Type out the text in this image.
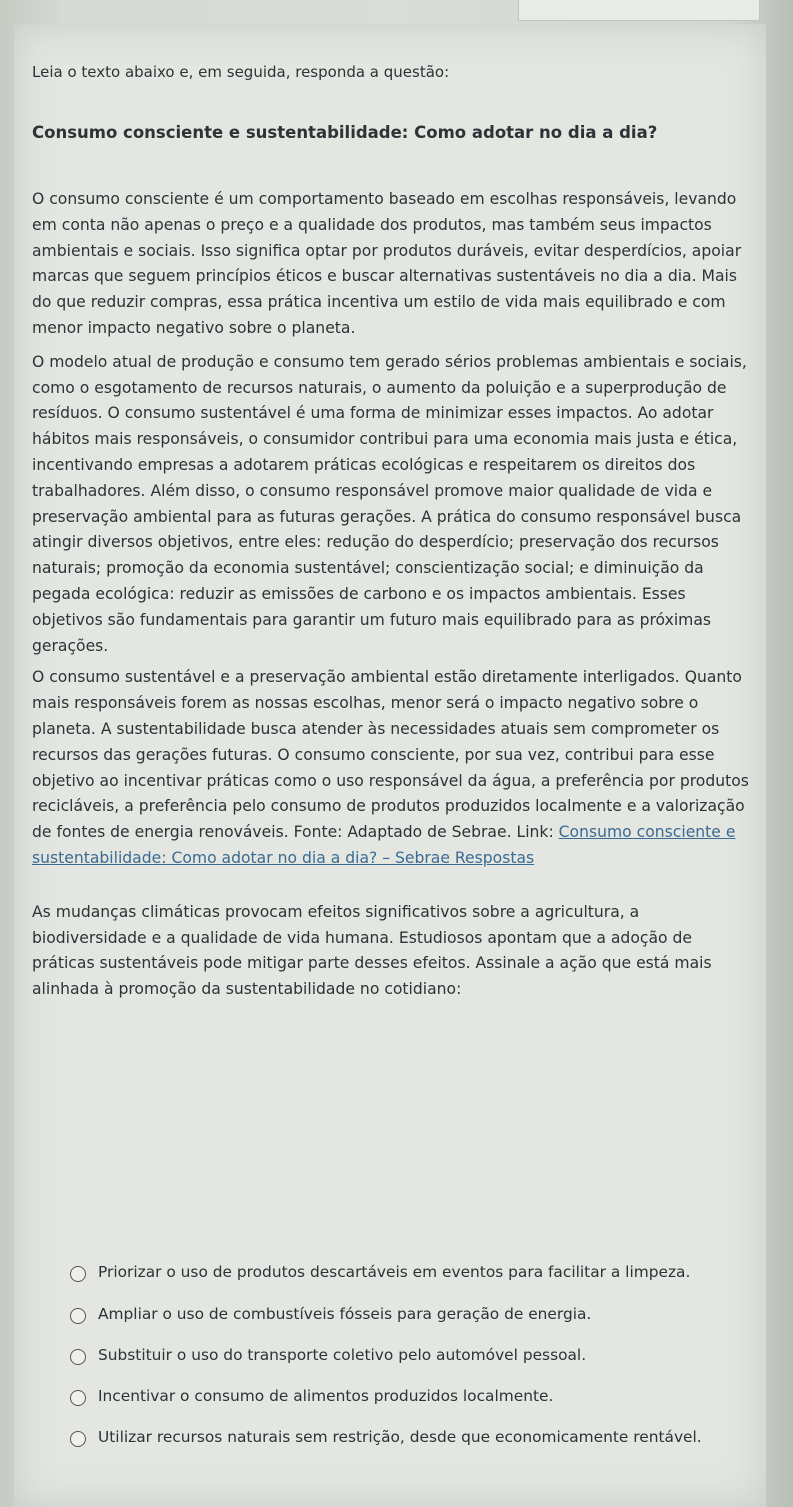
Leia o texto abaixo e, em seguida, responda a questão:

Consumo consciente e sustentabilidade: Como adotar no dia a dia?

O consumo consciente é um comportamento baseado em escolhas responsáveis, levando em conta não apenas o preço e a qualidade dos produtos, mas também seus impactos ambientais e sociais. Isso significa optar por produtos duráveis, evitar desperdícios, apoiar marcas que seguem princípios éticos e buscar alternativas sustentáveis no dia a dia. Mais do que reduzir compras, essa prática incentiva um estilo de vida mais equilibrado e com menor impacto negativo sobre o planeta.

O modelo atual de produção e consumo tem gerado sérios problemas ambientais e sociais, como o esgotamento de recursos naturais, o aumento da poluição e a superprodução de resíduos. O consumo sustentável é uma forma de minimizar esses impactos. Ao adotar hábitos mais responsáveis, o consumidor contribui para uma economia mais justa e ética, incentivando empresas a adotarem práticas ecológicas e respeitarem os direitos dos trabalhadores. Além disso, o consumo responsável promove maior qualidade de vida e preservação ambiental para as futuras gerações. A prática do consumo responsável busca atingir diversos objetivos, entre eles: redução do desperdício; preservação dos recursos naturais; promoção da economia sustentável; conscientização social; e diminuição da pegada ecológica: reduzir as emissões de carbono e os impactos ambientais. Esses objetivos são fundamentais para garantir um futuro mais equilibrado para as próximas gerações.

O consumo sustentável e a preservação ambiental estão diretamente interligados. Quanto mais responsáveis forem as nossas escolhas, menor será o impacto negativo sobre o planeta. A sustentabilidade busca atender às necessidades atuais sem comprometer os recursos das gerações futuras. O consumo consciente, por sua vez, contribui para esse objetivo ao incentivar práticas como o uso responsável da água, a preferência por produtos recicláveis, a preferência pelo consumo de produtos produzidos localmente e a valorização de fontes de energia renováveis. Fonte: Adaptado de Sebrae. Link: Consumo consciente e sustentabilidade: Como adotar no dia a dia? – Sebrae Respostas

As mudanças climáticas provocam efeitos significativos sobre a agricultura, a biodiversidade e a qualidade de vida humana. Estudiosos apontam que a adoção de práticas sustentáveis pode mitigar parte desses efeitos. Assinale a ação que está mais alinhada à promoção da sustentabilidade no cotidiano:

Priorizar o uso de produtos descartáveis em eventos para facilitar a limpeza.
Ampliar o uso de combustíveis fósseis para geração de energia.
Substituir o uso do transporte coletivo pelo automóvel pessoal.
Incentivar o consumo de alimentos produzidos localmente.
Utilizar recursos naturais sem restrição, desde que economicamente rentável.
